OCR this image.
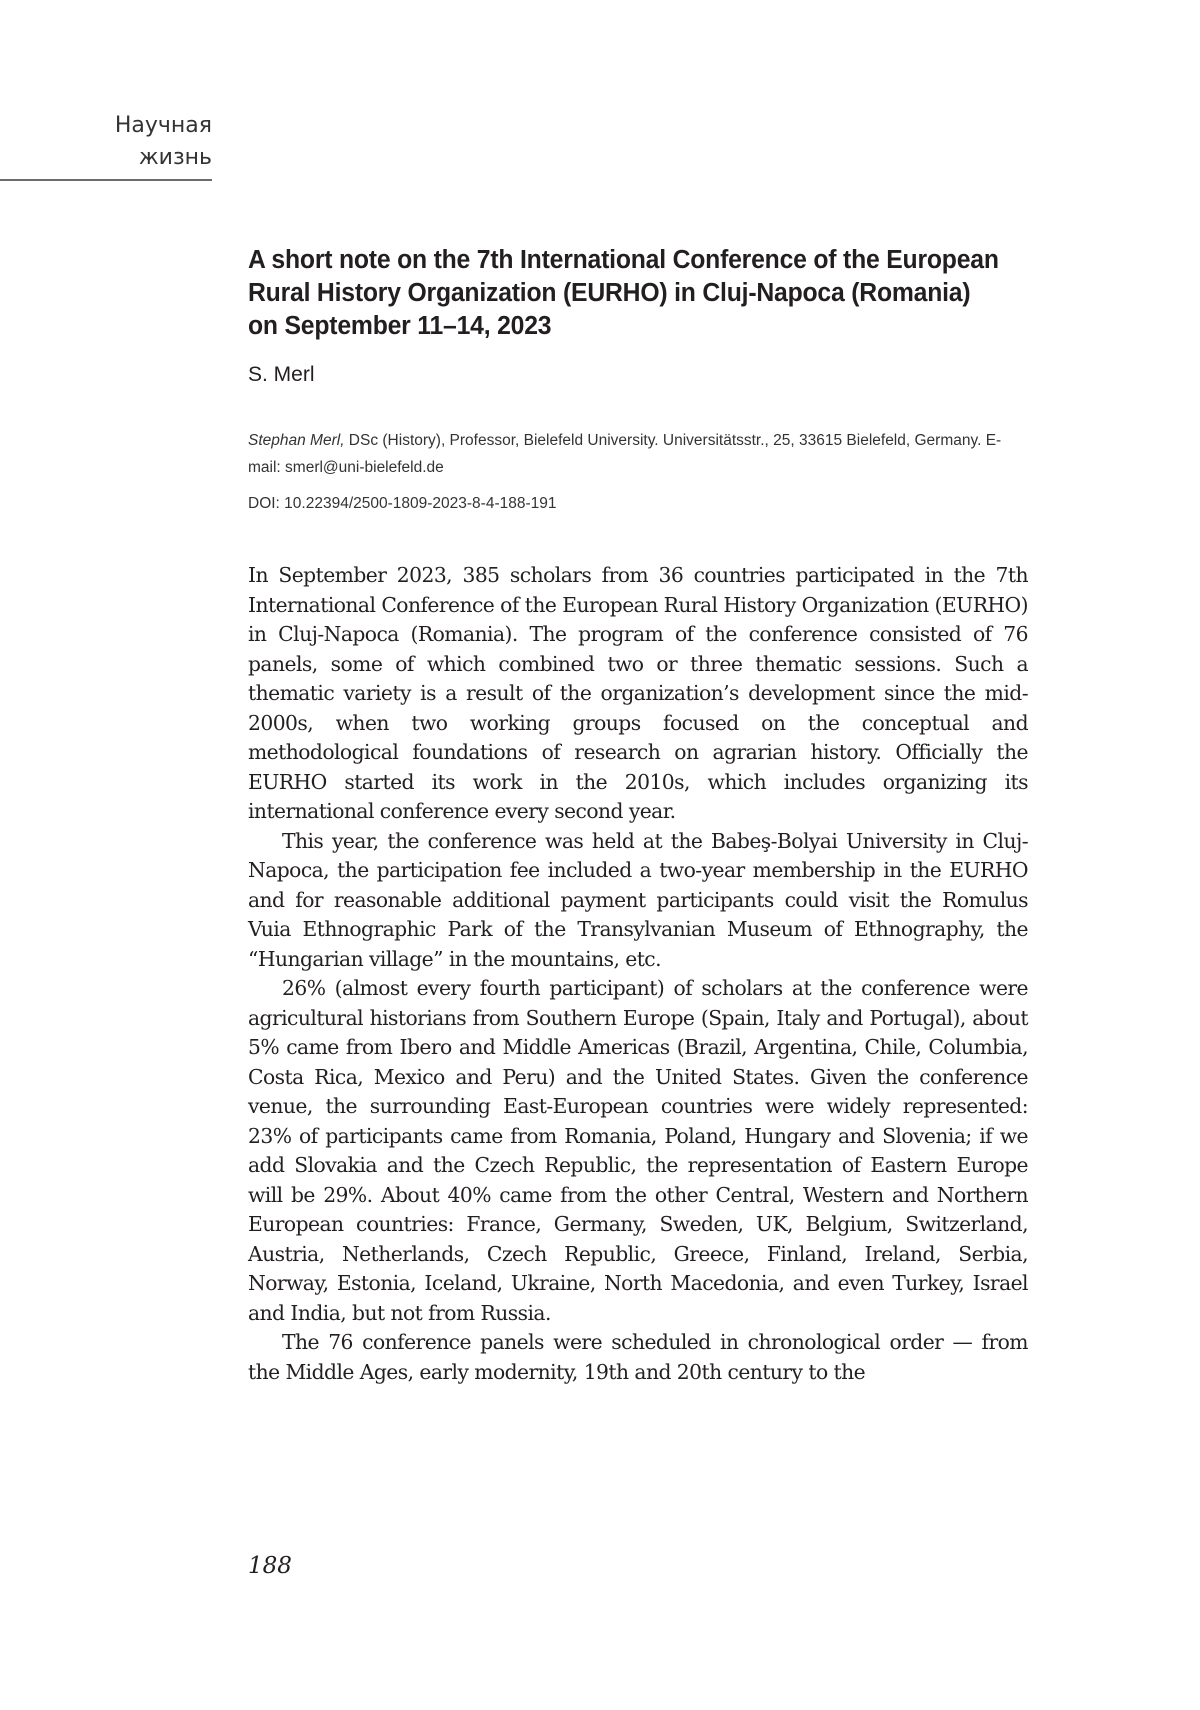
Научная
жизнь
A short note on the 7th International Conference of the European Rural History Organization (EURHO) in Cluj-Napoca (Romania) on September 11–14, 2023
S. Merl
Stephan Merl, DSc (History), Professor, Bielefeld University. Universitätsstr., 25, 33615 Bielefeld, Germany. E-mail: smerl@uni-bielefeld.de
DOI: 10.22394/2500-1809-2023-8-4-188-191

In September 2023, 385 scholars from 36 countries participated in the 7th International Conference of the European Rural History Organization (EURHO) in Cluj-Napoca (Romania). The program of the conference consisted of 76 panels, some of which combined two or three thematic sessions. Such a thematic variety is a result of the organization’s development since the mid-2000s, when two working groups focused on the conceptual and methodological foundations of research on agrarian history. Officially the EURHO started its work in the 2010s, which includes organizing its international conference every second year.

This year, the conference was held at the Babeş-Bolyai University in Cluj-Napoca, the participation fee included a two-year membership in the EURHO and for reasonable additional payment participants could visit the Romulus Vuia Ethnographic Park of the Transylvanian Museum of Ethnography, the “Hungarian village” in the mountains, etc.

26% (almost every fourth participant) of scholars at the conference were agricultural historians from Southern Europe (Spain, Italy and Portugal), about 5% came from Ibero and Middle Americas (Brazil, Argentina, Chile, Columbia, Costa Rica, Mexico and Peru) and the United States. Given the conference venue, the surrounding East-European countries were widely represented: 23% of participants came from Romania, Poland, Hungary and Slovenia; if we add Slovakia and the Czech Republic, the representation of Eastern Europe will be 29%. About 40% came from the other Central, Western and Northern European countries: France, Germany, Sweden, UK, Belgium, Switzerland, Austria, Netherlands, Czech Republic, Greece, Finland, Ireland, Serbia, Norway, Estonia, Iceland, Ukraine, North Macedonia, and even Turkey, Israel and India, but not from Russia.

The 76 conference panels were scheduled in chronological order — from the Middle Ages, early modernity, 19th and 20th century to the

188
